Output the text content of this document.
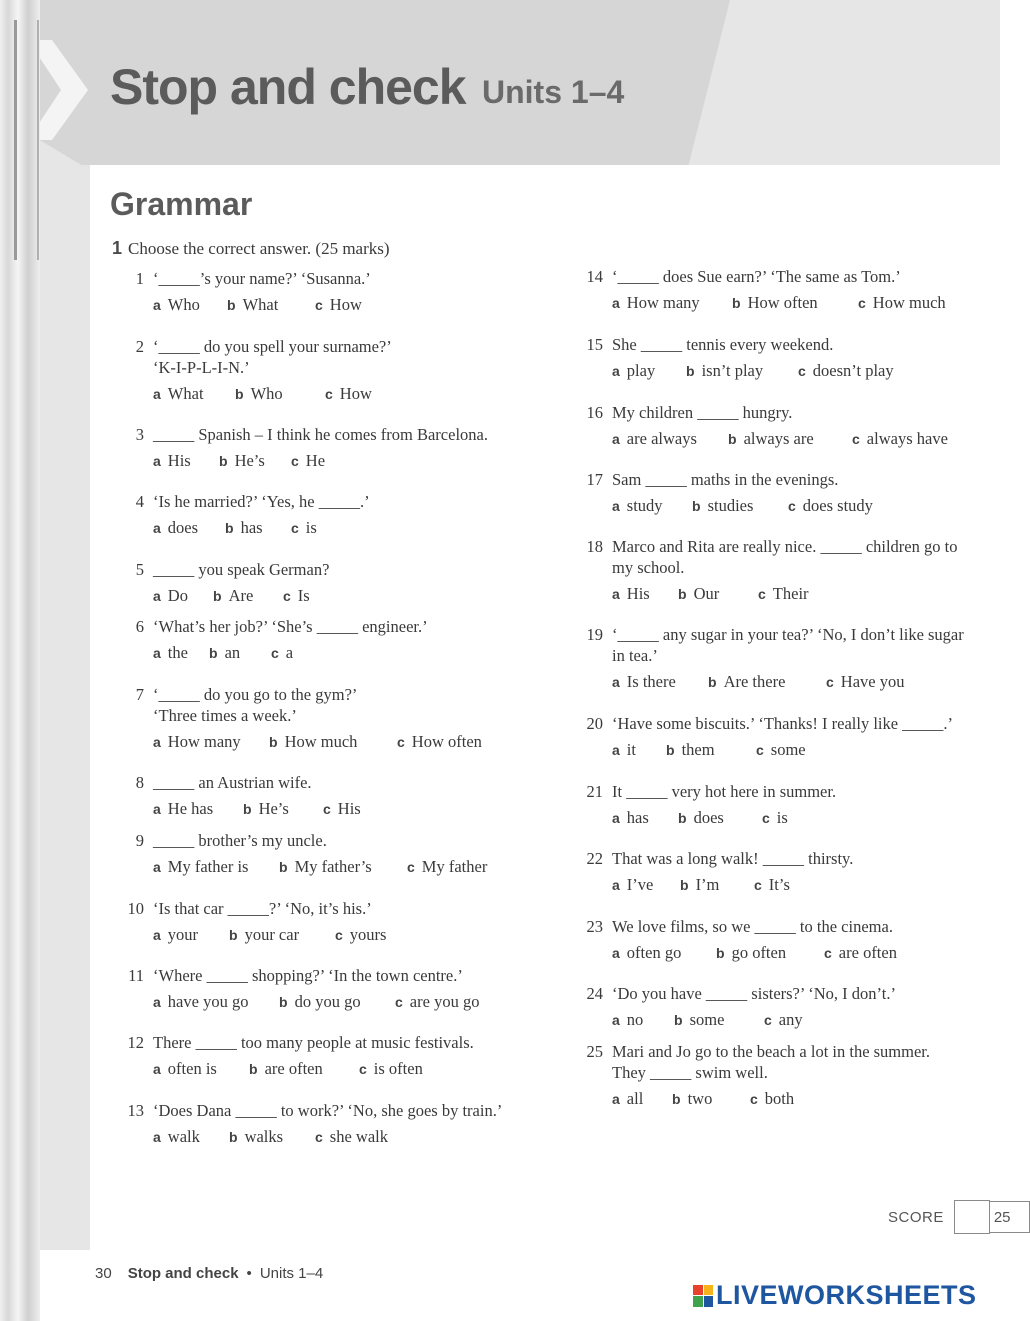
Stop and check Units 1–4
Grammar
1 Choose the correct answer. (25 marks)
1 ‘_____’s your name?’ ‘Susanna.’
a Who	b What	c How
2 ‘_____ do you spell your surname?’
‘K-I-P-L-I-N.’
a What	b Who	c How
3 _____ Spanish – I think he comes from Barcelona.
a His	b He’s	c He
4 ‘Is he married?’ ‘Yes, he _____.’
a does	b has	c is
5 _____ you speak German?
a Do	b Are	c Is
6 ‘What’s her job?’ ‘She’s _____ engineer.’
a the b an	c a
7 ‘_____ do you go to the gym?’
‘Three times a week.’
a How many	b How much	c How often
8 _____ an Austrian wife.
a He has	b He’s	c His
9 _____ brother’s my uncle.
a My father is	b My father’s	c My father
10 ‘Is that car _____?’ ‘No, it’s his.’
a your	b your car	c yours
11 ‘Where _____ shopping?’ ‘In the town centre.’
a have you go	b do you go	c are you go
12 There _____ too many people at music festivals.
a often is	b are often	c is often
13 ‘Does Dana _____ to work?’ ‘No, she goes by train.’
a walk	b walks	c she walk
14 ‘_____ does Sue earn?’ ‘The same as Tom.’
a How many	b How often	c How much
15 She _____ tennis every weekend.
a play	b isn’t play	c doesn’t play
16 My children _____ hungry.
a are always	b always are	c always have
17 Sam _____ maths in the evenings.
a study	b studies	c does study
18 Marco and Rita are really nice. _____ children go to
my school.
a His	b Our	c Their
19 ‘_____ any sugar in your tea?’ ‘No, I don’t like sugar
in tea.’
a Is there	b Are there	c Have you
20 ‘Have some biscuits.’ ‘Thanks! I really like _____.’
a it	b them	c some
21 It _____ very hot here in summer.
a has	b does	c is
22 That was a long walk! _____ thirsty.
a I’ve	b I’m	c It’s
23 We love films, so we _____ to the cinema.
a often go	b go often	c are often
24 ‘Do you have _____ sisters?’ ‘No, I don’t.’
a no	b some	c any
25 Mari and Jo go to the beach a lot in the summer.
They _____ swim well.
a all	b two	c both
SCORE	25
30 Stop and check • Units 1–4
LIVEWORKSHEETS
